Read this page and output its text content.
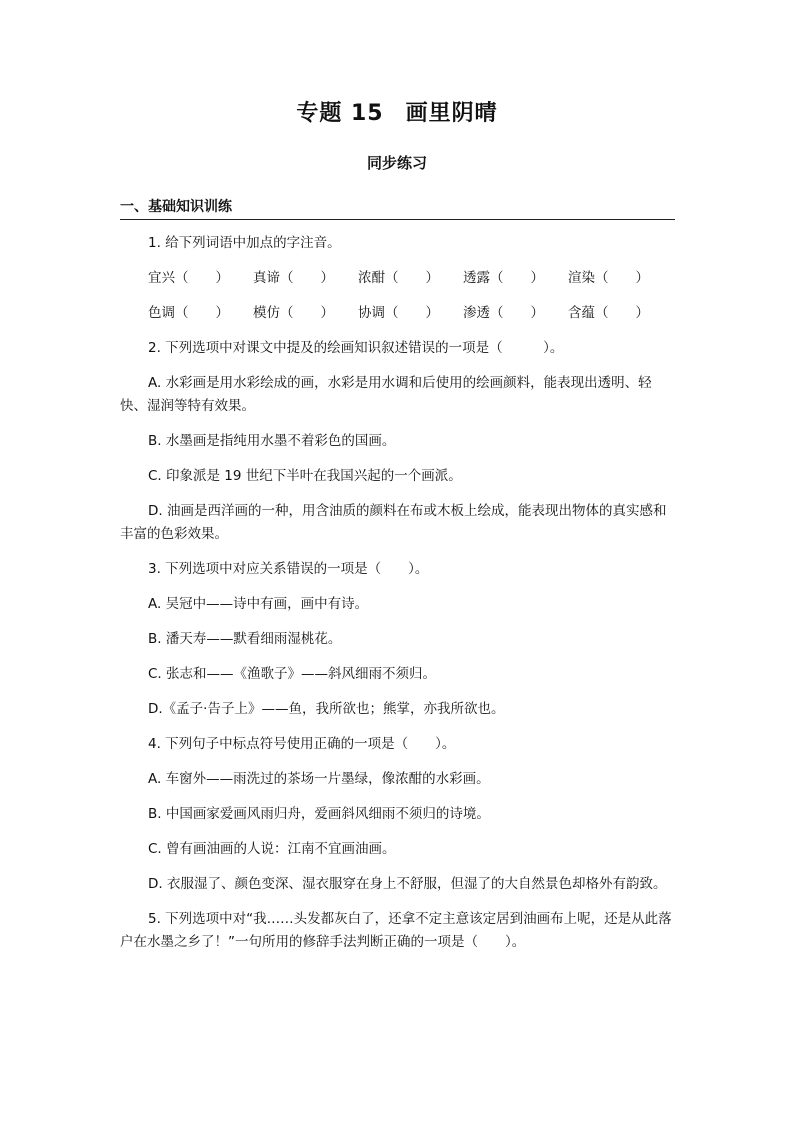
专题 15 画里阴晴
同步练习
一、基础知识训练

1. 给下列词语中加点的字注音。

宜兴（　　）	真谛（　　）	浓酣（　　）	透露（　　）	渲染（　　）
色调（　　）	模仿（　　）	协调（　　）	渗透（　　）	含蕴（　　）

2. 下列选项中对课文中提及的绘画知识叙述错误的一项是（　　　）。

A. 水彩画是用水彩绘成的画，水彩是用水调和后使用的绘画颜料，能表现出透明、轻快、湿润等特有效果。

B. 水墨画是指纯用水墨不着彩色的国画。

C. 印象派是 19 世纪下半叶在我国兴起的一个画派。

D. 油画是西洋画的一种，用含油质的颜料在布或木板上绘成，能表现出物体的真实感和丰富的色彩效果。

3. 下列选项中对应关系错误的一项是（　　）。

A. 吴冠中——诗中有画，画中有诗。

B. 潘天寿——默看细雨湿桃花。

C. 张志和——《渔歌子》——斜风细雨不须归。

D.《孟子·告子上》——鱼，我所欲也；熊掌，亦我所欲也。

4. 下列句子中标点符号使用正确的一项是（　　）。

A. 车窗外——雨洗过的茶场一片墨绿，像浓酣的水彩画。

B. 中国画家爱画风雨归舟，爱画斜风细雨不须归的诗境。

C. 曾有画油画的人说：江南不宜画油画。

D. 衣服湿了、颜色变深、湿衣服穿在身上不舒服，但湿了的大自然景色却格外有韵致。

5. 下列选项中对“我……头发都灰白了，还拿不定主意该定居到油画布上呢，还是从此落户在水墨之乡了！”一句所用的修辞手法判断正确的一项是（　　）。
